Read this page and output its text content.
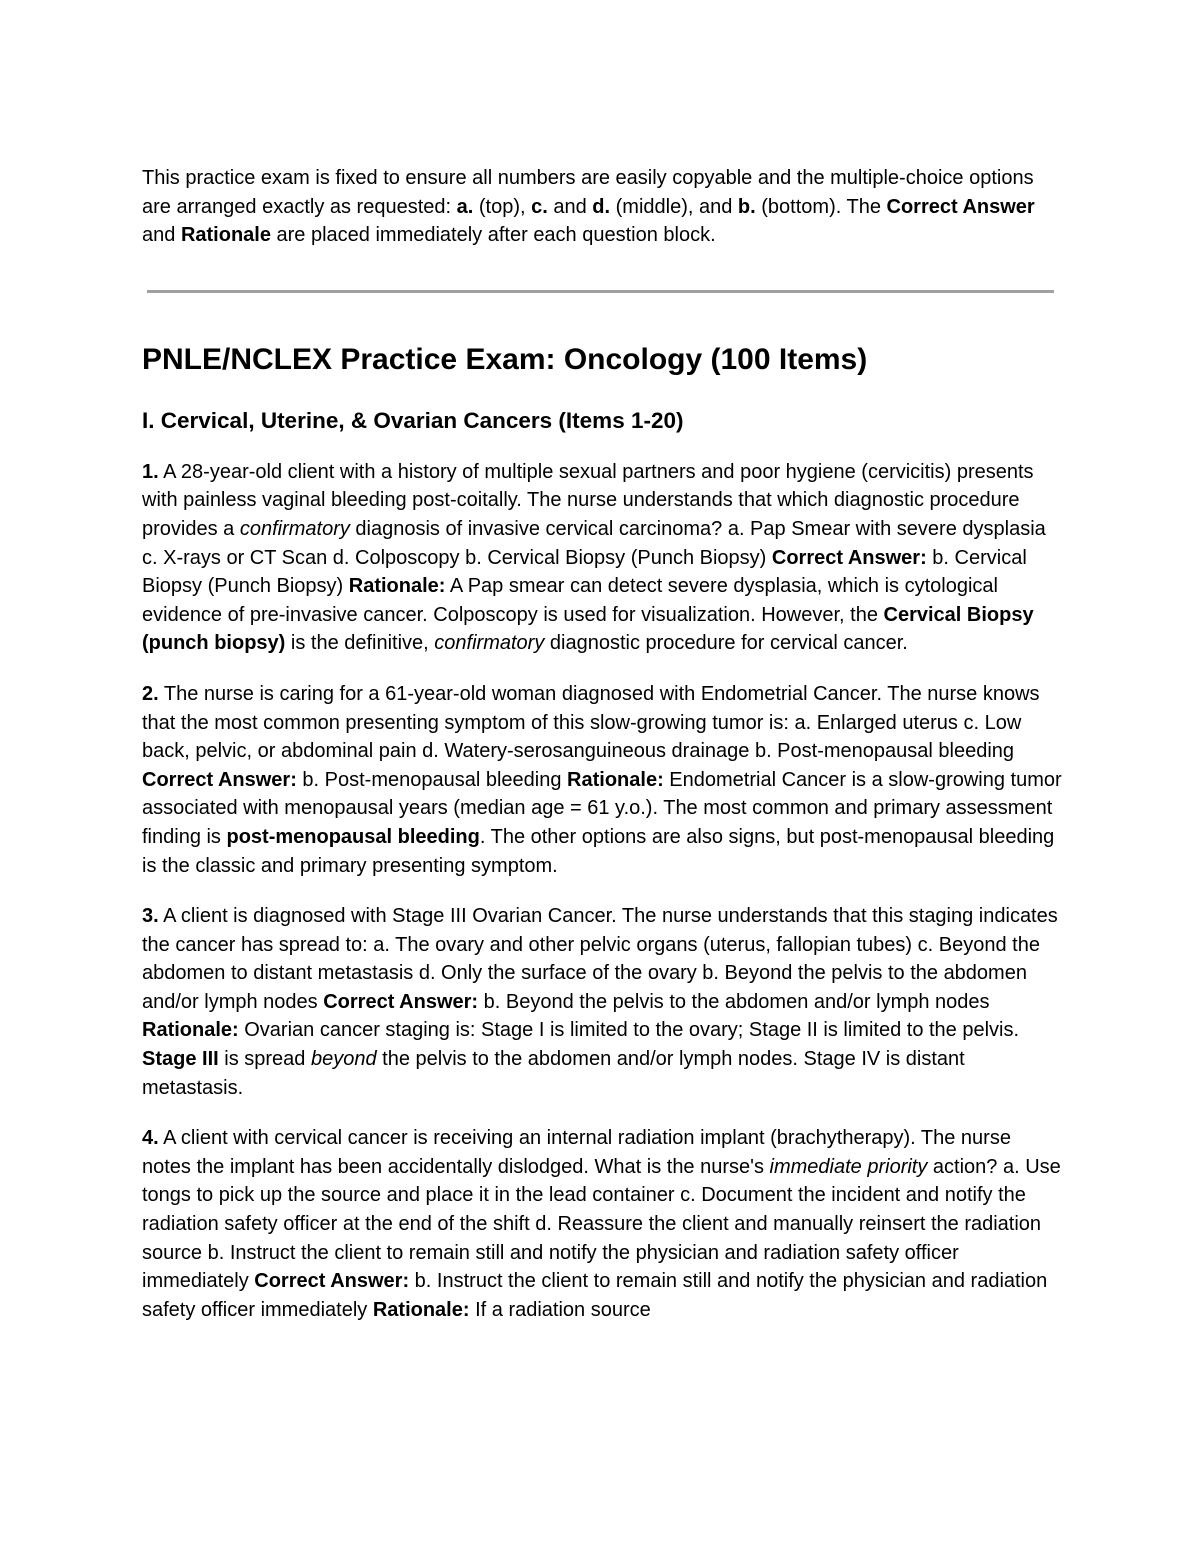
This practice exam is fixed to ensure all numbers are easily copyable and the multiple-choice options are arranged exactly as requested: a. (top), c. and d. (middle), and b. (bottom). The Correct Answer and Rationale are placed immediately after each question block.

PNLE/NCLEX Practice Exam: Oncology (100 Items)
I. Cervical, Uterine, & Ovarian Cancers (Items 1-20)

1. A 28-year-old client with a history of multiple sexual partners and poor hygiene (cervicitis) presents with painless vaginal bleeding post-coitally. The nurse understands that which diagnostic procedure provides a confirmatory diagnosis of invasive cervical carcinoma? a. Pap Smear with severe dysplasia c. X-rays or CT Scan d. Colposcopy b. Cervical Biopsy (Punch Biopsy) Correct Answer: b. Cervical Biopsy (Punch Biopsy) Rationale: A Pap smear can detect severe dysplasia, which is cytological evidence of pre-invasive cancer. Colposcopy is used for visualization. However, the Cervical Biopsy (punch biopsy) is the definitive, confirmatory diagnostic procedure for cervical cancer.

2. The nurse is caring for a 61-year-old woman diagnosed with Endometrial Cancer. The nurse knows that the most common presenting symptom of this slow-growing tumor is: a. Enlarged uterus c. Low back, pelvic, or abdominal pain d. Watery-serosanguineous drainage b. Post-menopausal bleeding Correct Answer: b. Post-menopausal bleeding Rationale: Endometrial Cancer is a slow-growing tumor associated with menopausal years (median age = 61 y.o.). The most common and primary assessment finding is post-menopausal bleeding. The other options are also signs, but post-menopausal bleeding is the classic and primary presenting symptom.

3. A client is diagnosed with Stage III Ovarian Cancer. The nurse understands that this staging indicates the cancer has spread to: a. The ovary and other pelvic organs (uterus, fallopian tubes) c. Beyond the abdomen to distant metastasis d. Only the surface of the ovary b. Beyond the pelvis to the abdomen and/or lymph nodes Correct Answer: b. Beyond the pelvis to the abdomen and/or lymph nodes Rationale: Ovarian cancer staging is: Stage I is limited to the ovary; Stage II is limited to the pelvis. Stage III is spread beyond the pelvis to the abdomen and/or lymph nodes. Stage IV is distant metastasis.

4. A client with cervical cancer is receiving an internal radiation implant (brachytherapy). The nurse notes the implant has been accidentally dislodged. What is the nurse's immediate priority action? a. Use tongs to pick up the source and place it in the lead container c. Document the incident and notify the radiation safety officer at the end of the shift d. Reassure the client and manually reinsert the radiation source b. Instruct the client to remain still and notify the physician and radiation safety officer immediately Correct Answer: b. Instruct the client to remain still and notify the physician and radiation safety officer immediately Rationale: If a radiation source
